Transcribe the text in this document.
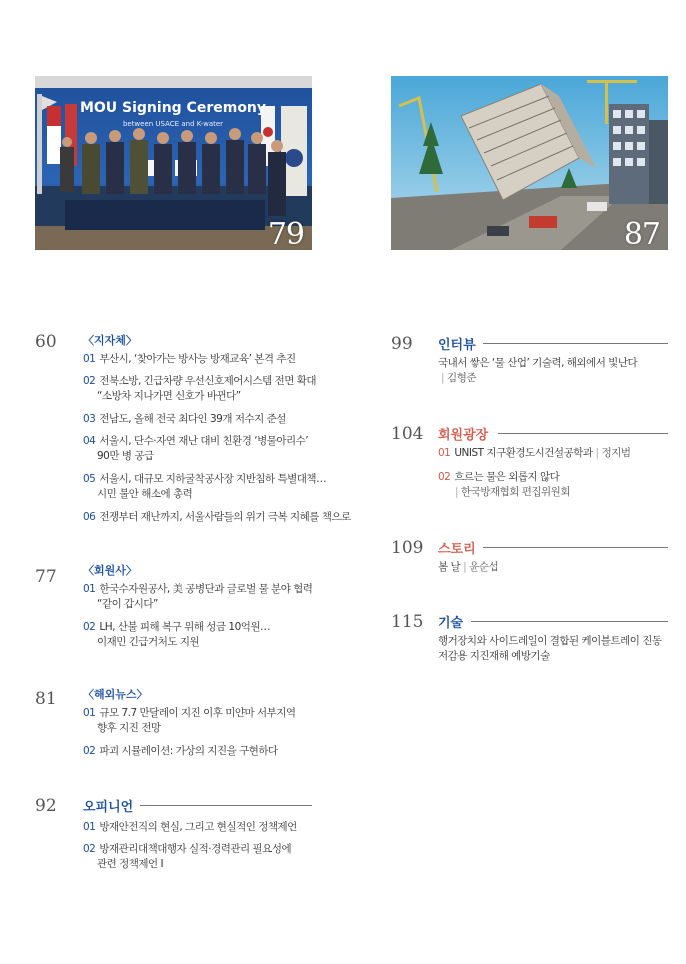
MOU Signing Ceremony
between USACE and K-water
79	87
60 〈지자체〉
01 부산시, ‘찾아가는 방사능 방재교육’ 본격 추진
02 전북소방, 긴급차량 우선신호제어시스템 전면 확대
“소방차 지나가면 신호가 바뀐다”
03 전남도, 올해 전국 최다인 39개 저수지 준설
04 서울시, 단수·자연 재난 대비 친환경 ‘병물아리수’
90만 병 공급
05 서울시, 대규모 지하굴착공사장 지반침하 특별대책…
시민 불안 해소에 총력
06 전쟁부터 재난까지, 서울사람들의 위기 극복 지혜를 책으로
77 〈회원사〉
01 한국수자원공사, 美 공병단과 글로벌 물 분야 협력
“같이 갑시다”
02 LH, 산불 피해 복구 위해 성금 10억원…
이재민 긴급거처도 지원
81 〈해외뉴스〉
01 규모 7.7 만달레이 지진 이후 미얀마 서부지역
향후 지진 전망
02 파괴 시뮬레이션: 가상의 지진을 구현하다
92 오피니언
01 방재안전직의 현실, 그리고 현실적인 정책제언
02 방재관리대책대행자 실적·경력관리 필요성에
관련 정책제언 I
99 인터뷰
국내서 쌓은 ‘물 산업’ 기술력, 해외에서 빛난다
| 김형준
104 회원광장
01 UNIST 지구환경도시건설공학과 | 정지범
02 흐르는 물은 외롭지 않다
| 한국방재협회 편집위원회
109 스토리
봄 날 | 윤순섭
115 기술
행거장치와 사이드레일이 결합된 케이블트레이 진동
저감용 지진재해 예방기술
